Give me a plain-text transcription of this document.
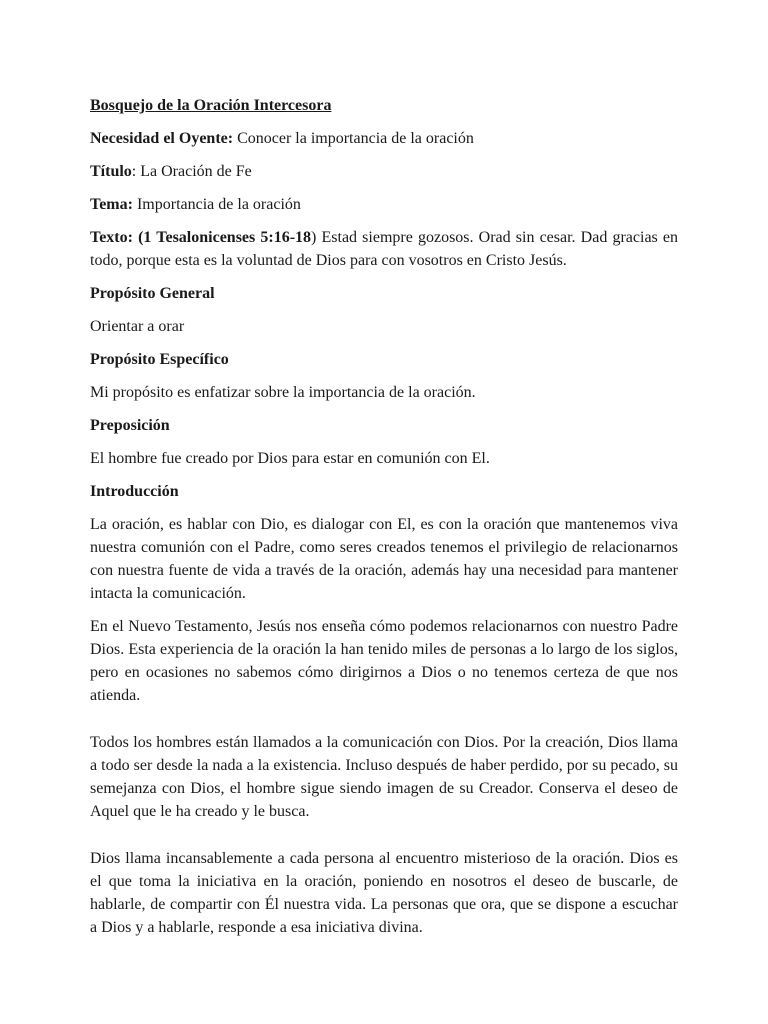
Bosquejo de la Oración Intercesora

Necesidad el Oyente: Conocer la importancia de la oración

Título: La Oración de Fe

Tema: Importancia de la oración

Texto: (1 Tesalonicenses 5:16-18) Estad siempre gozosos. Orad sin cesar. Dad gracias en todo, porque esta es la voluntad de Dios para con vosotros en Cristo Jesús.

Propósito General

Orientar a orar

Propósito Específico

Mi propósito es enfatizar sobre la importancia de la oración.

Preposición

El hombre fue creado por Dios para estar en comunión con El.

Introducción

La oración, es hablar con Dio, es dialogar con El, es con la oración que mantenemos viva nuestra comunión con el Padre, como seres creados tenemos el privilegio de relacionarnos con nuestra fuente de vida a través de la oración, además hay una necesidad para mantener intacta la comunicación.

En el Nuevo Testamento, Jesús nos enseña cómo podemos relacionarnos con nuestro Padre Dios. Esta experiencia de la oración la han tenido miles de personas a lo largo de los siglos, pero en ocasiones no sabemos cómo dirigirnos a Dios o no tenemos certeza de que nos atienda.

Todos los hombres están llamados a la comunicación con Dios. Por la creación, Dios llama a todo ser desde la nada a la existencia. Incluso después de haber perdido, por su pecado, su semejanza con Dios, el hombre sigue siendo imagen de su Creador. Conserva el deseo de Aquel que le ha creado y le busca.

Dios llama incansablemente a cada persona al encuentro misterioso de la oración. Dios es el que toma la iniciativa en la oración, poniendo en nosotros el deseo de buscarle, de hablarle, de compartir con Él nuestra vida. La personas que ora, que se dispone a escuchar a Dios y a hablarle, responde a esa iniciativa divina.
